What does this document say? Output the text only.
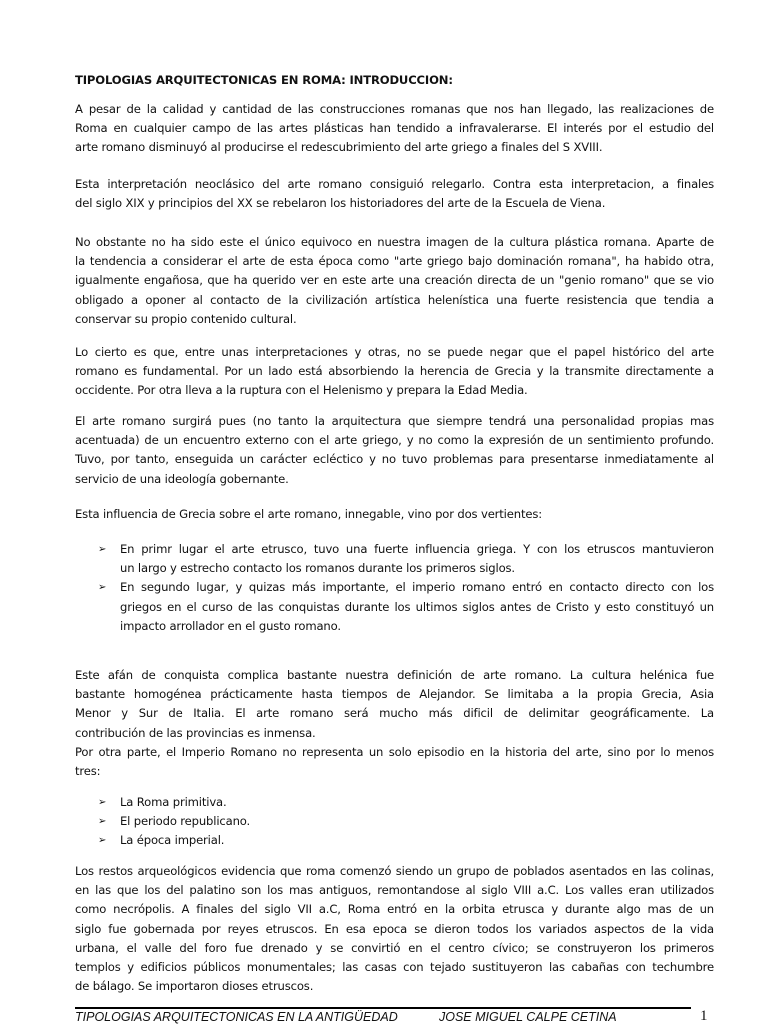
TIPOLOGIAS ARQUITECTONICAS EN ROMA: INTRODUCCION:
A pesar de la calidad y cantidad de las construcciones romanas que nos han llegado, las realizaciones de
Roma en cualquier campo de las artes plásticas han tendido a infravalerarse. El interés por el estudio del
arte romano disminuyó al producirse el redescubrimiento del arte griego a finales del S XVIII.
Esta interpretación neoclásico del arte romano consiguió relegarlo. Contra esta interpretacion, a finales
del siglo XIX y principios del XX se rebelaron los historiadores del arte de la Escuela de Viena.
No obstante no ha sido este el único equivoco en nuestra imagen de la cultura plástica romana. Aparte de
la tendencia a considerar el arte de esta época como "arte griego bajo dominación romana", ha habido otra,
igualmente engañosa, que ha querido ver en este arte una creación directa de un "genio romano" que se vio
obligado a oponer al contacto de la civilización artística helenística una fuerte resistencia que tendia a
conservar su propio contenido cultural.
Lo cierto es que, entre unas interpretaciones y otras, no se puede negar que el papel histórico del arte
romano es fundamental. Por un lado está absorbiendo la herencia de Grecia y la transmite directamente a
occidente. Por otra lleva a la ruptura con el Helenismo y prepara la Edad Media.
El arte romano surgirá pues (no tanto la arquitectura que siempre tendrá una personalidad propias mas
acentuada) de un encuentro externo con el arte griego, y no como la expresión de un sentimiento profundo.
Tuvo, por tanto, enseguida un carácter ecléctico y no tuvo problemas para presentarse inmediatamente al
servicio de una ideología gobernante.
Esta influencia de Grecia sobre el arte romano, innegable, vino por dos vertientes:
➢ En primr lugar el arte etrusco, tuvo una fuerte influencia griega. Y con los etruscos mantuvieron
un largo y estrecho contacto los romanos durante los primeros siglos.
➢ En segundo lugar, y quizas más importante, el imperio romano entró en contacto directo con los
griegos en el curso de las conquistas durante los ultimos siglos antes de Cristo y esto constituyó un
impacto arrollador en el gusto romano.
Este afán de conquista complica bastante nuestra definición de arte romano. La cultura helénica fue
bastante homogénea prácticamente hasta tiempos de Alejandor. Se limitaba a la propia Grecia, Asia
Menor y Sur de Italia. El arte romano será mucho más dificil de delimitar geográficamente. La
contribución de las provincias es inmensa.
Por otra parte, el Imperio Romano no representa un solo episodio en la historia del arte, sino por lo menos
tres:
➢ La Roma primitiva.
➢ El periodo republicano.
➢ La época imperial.
Los restos arqueológicos evidencia que roma comenzó siendo un grupo de poblados asentados en las colinas,
en las que los del palatino son los mas antiguos, remontandose al siglo VIII a.C. Los valles eran utilizados
como necrópolis. A finales del siglo VII a.C, Roma entró en la orbita etrusca y durante algo mas de un
siglo fue gobernada por reyes etruscos. En esa epoca se dieron todos los variados aspectos de la vida
urbana, el valle del foro fue drenado y se convirtió en el centro cívico; se construyeron los primeros
templos y edificios públicos monumentales; las casas con tejado sustituyeron las cabañas con techumbre
de bálago. Se importaron dioses etruscos.
TIPOLOGIAS ARQUITECTONICAS EN LA ANTIGÜEDAD	JOSE MIGUEL CALPE CETINA	1
